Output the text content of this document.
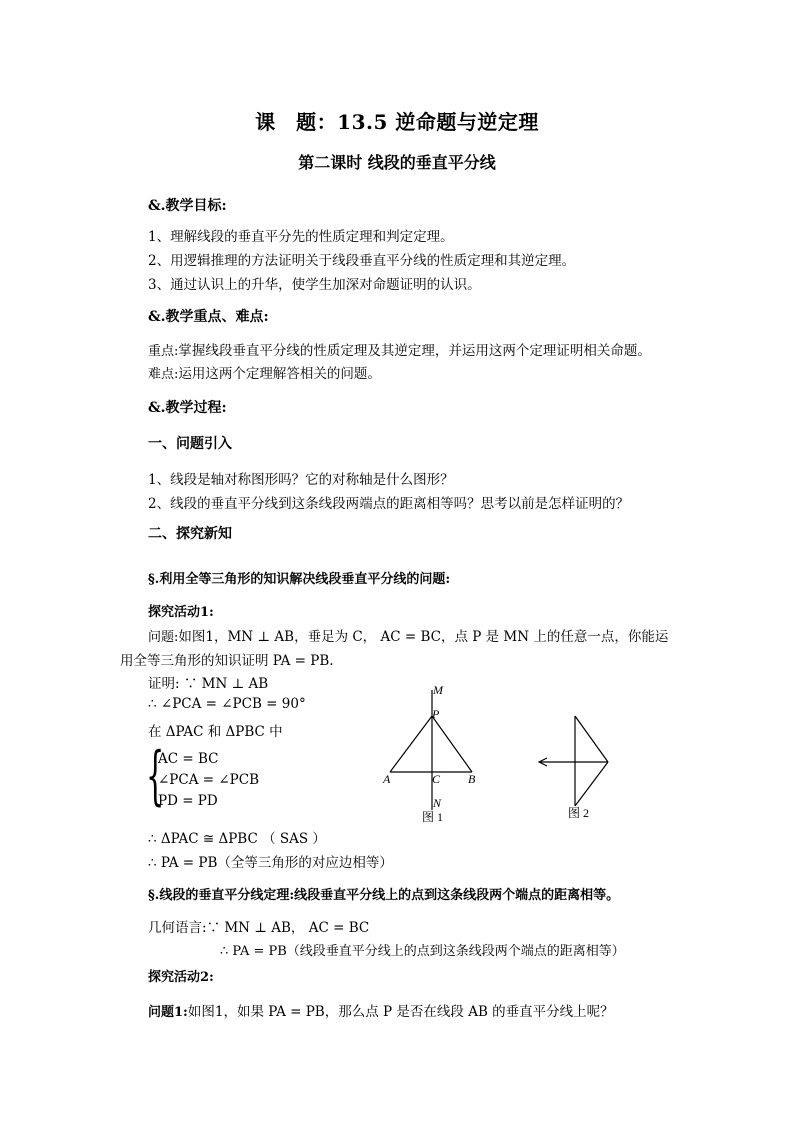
课　题：13.5 逆命题与逆定理
第二课时 线段的垂直平分线
&.教学目标:
1、理解线段的垂直平分先的性质定理和判定定理。
2、用逻辑推理的方法证明关于线段垂直平分线的性质定理和其逆定理。
3、通过认识上的升华，使学生加深对命题证明的认识。
&.教学重点、难点:
重点:掌握线段垂直平分线的性质定理及其逆定理，并运用这两个定理证明相关命题。
难点:运用这两个定理解答相关的问题。
&.教学过程:
一、问题引入
1、线段是轴对称图形吗？它的对称轴是什么图形？
2、线段的垂直平分线到这条线段两端点的距离相等吗？思考以前是怎样证明的？
二、探究新知
§.利用全等三角形的知识解决线段垂直平分线的问题:
探究活动1:
问题:如图1，MN ⊥ AB，垂足为 C， AC = BC，点 P 是 MN 上的任意一点，你能运
用全等三角形的知识证明 PA = PB.
证明: ∵ MN ⊥ AB
∴ ∠PCA = ∠PCB = 90°
在 ΔPAC 和 ΔPBC 中
{
AC = BC
∠PCA = ∠PCB
PD = PD
∴ ΔPAC ≅ ΔPBC （ SAS ）
∴ PA = PB（全等三角形的对应边相等）
M
P
A	C B
N
图 1	图 2
§.线段的垂直平分线定理:线段垂直平分线上的点到这条线段两个端点的距离相等。
几何语言:∵ MN ⊥ AB， AC = BC
∴ PA = PB（线段垂直平分线上的点到这条线段两个端点的距离相等）
探究活动2:
问题1:如图1，如果 PA = PB，那么点 P 是否在线段 AB 的垂直平分线上呢？
